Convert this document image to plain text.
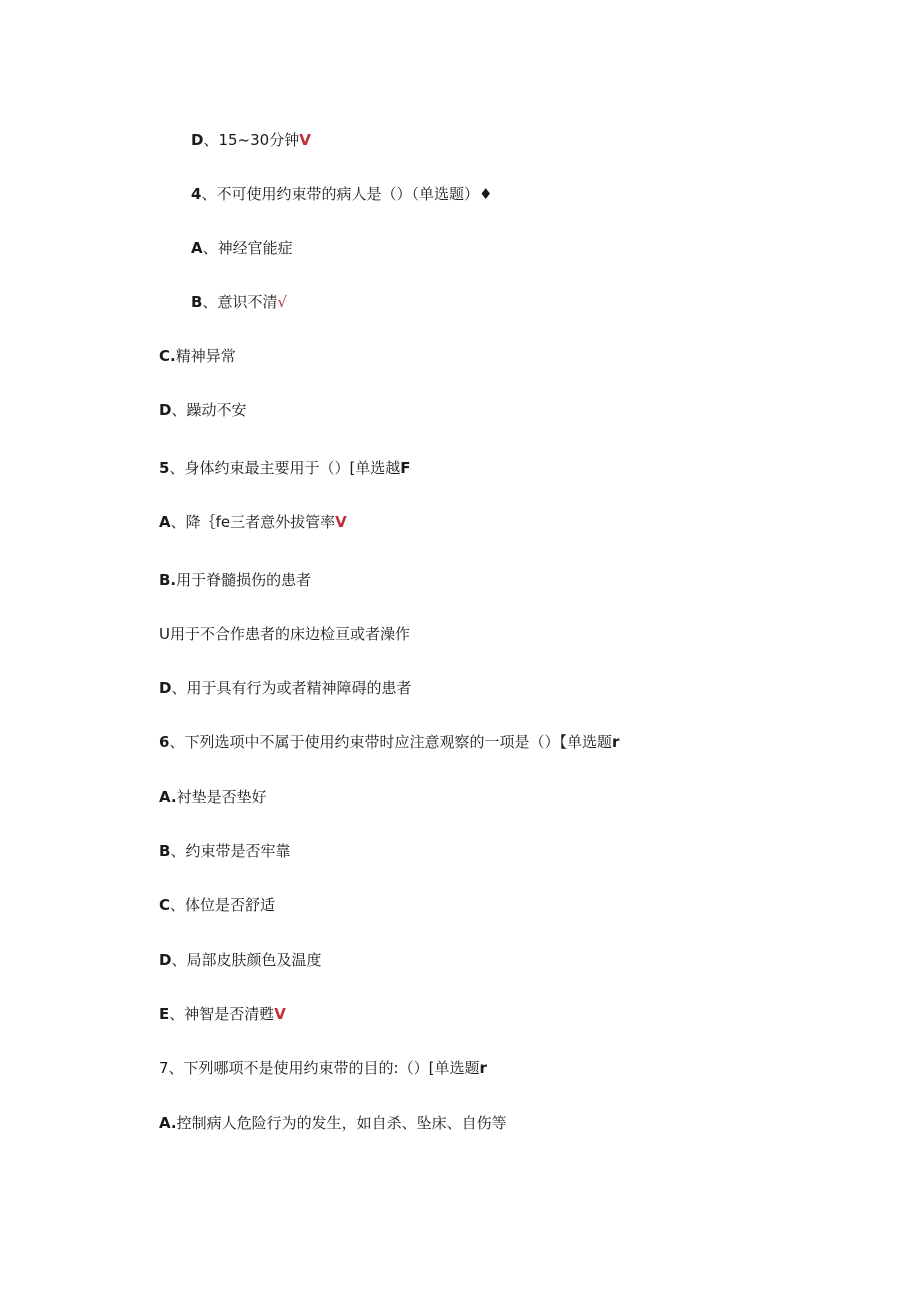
D、15~30分钟V
4、不可使用约束带的病人是（）（单选题）♦
A、神经官能症
B、意识不清√
C.精神异常
D、躁动不安
5、身体约束最主要用于（）[单选越F
A、降｛fe三者意外拔管率V
B.用于脊髓损伤的患者
U用于不合作患者的床边检亘或者澡作
D、用于具有行为或者精神障碍的患者
6、下列选项中不属于使用约束带时应注意观察的一项是（）【单选题r
A.衬垫是否垫好
B、约束带是否牢靠
C、体位是否舒适
D、局部皮肤颜色及温度
E、神智是否清甦V
7、下列哪项不是使用约束带的目的:（）[单选题r
A.控制病人危险行为的发生，如自杀、坠床、自伤等
